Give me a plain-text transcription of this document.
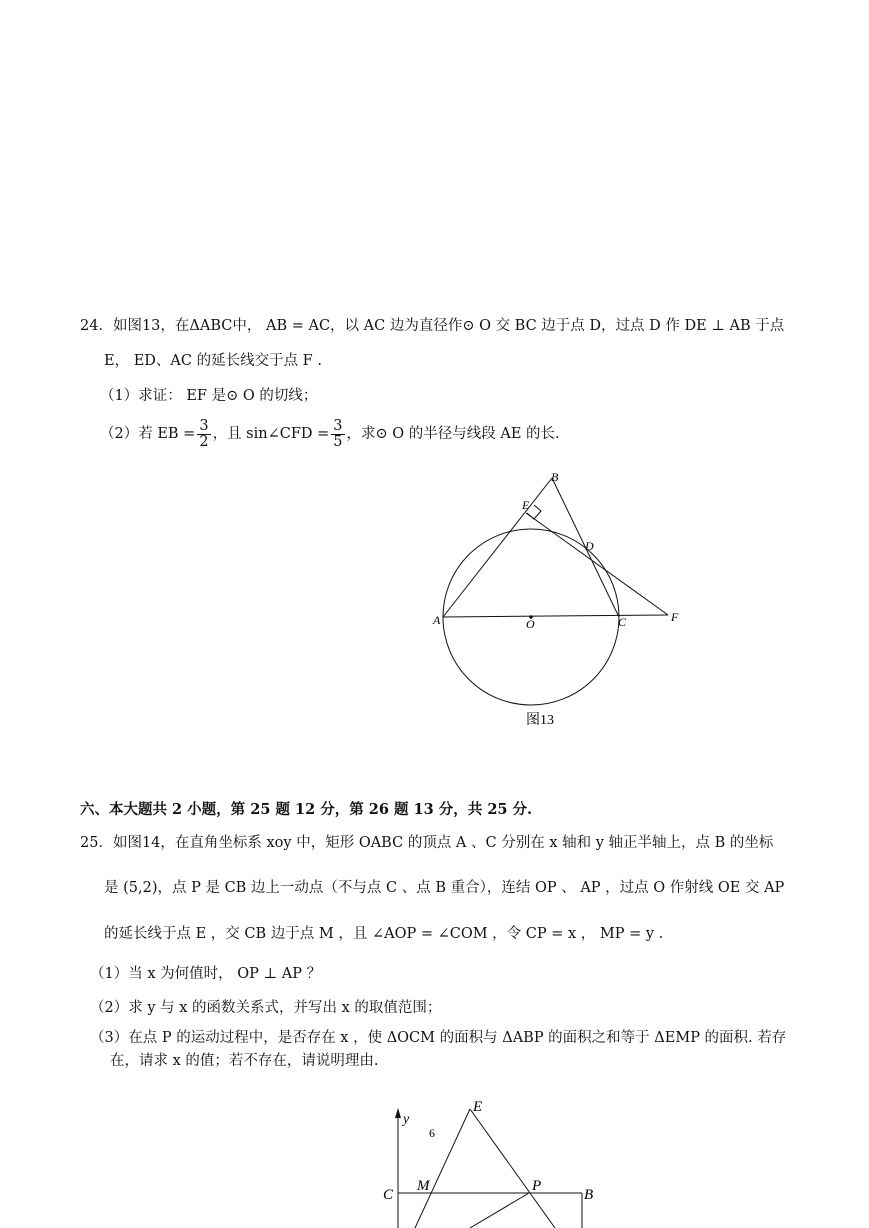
24．如图13，在ΔABC中， AB = AC，以 AC 边为直径作⊙ O 交 BC 边于点 D，过点 D 作 DE ⊥ AB 于点
E， ED、AC 的延长线交于点 F .
（1）求证： EF 是⊙ O 的切线；
（2）若 EB = $\frac{3}{2}$ ，且 sin∠CFD = $\frac{3}{5}$ ，求⊙ O 的半径与线段 AE 的长.
B
E
D
A	O	C	F
图13
六、本大题共 2 小题，第 25 题 12 分，第 26 题 13 分，共 25 分.
25．如图14，在直角坐标系 xoy 中，矩形 OABC 的顶点 A 、C 分别在 x 轴和 y 轴正半轴上，点 B 的坐标
是 (5,2)，点 P 是 CB 边上一动点（不与点 C 、点 B 重合），连结 OP 、 AP ，过点 O 作射线 OE 交 AP
的延长线于点 E ，交 CB 边于点 M ，且 ∠AOP = ∠COM ，令 CP = x ， MP = y .
（1）当 x 为何值时， OP ⊥ AP ？
（2）求 y 与 x 的函数关系式，并写出 x 的取值范围；
（3）在点 P 的运动过程中，是否存在 x ，使 ΔOCM 的面积与 ΔABP 的面积之和等于 ΔEMP 的面积. 若存
在，请求 x 的值；若不存在，请说明理由.
E
y
6
C
M	P
B
